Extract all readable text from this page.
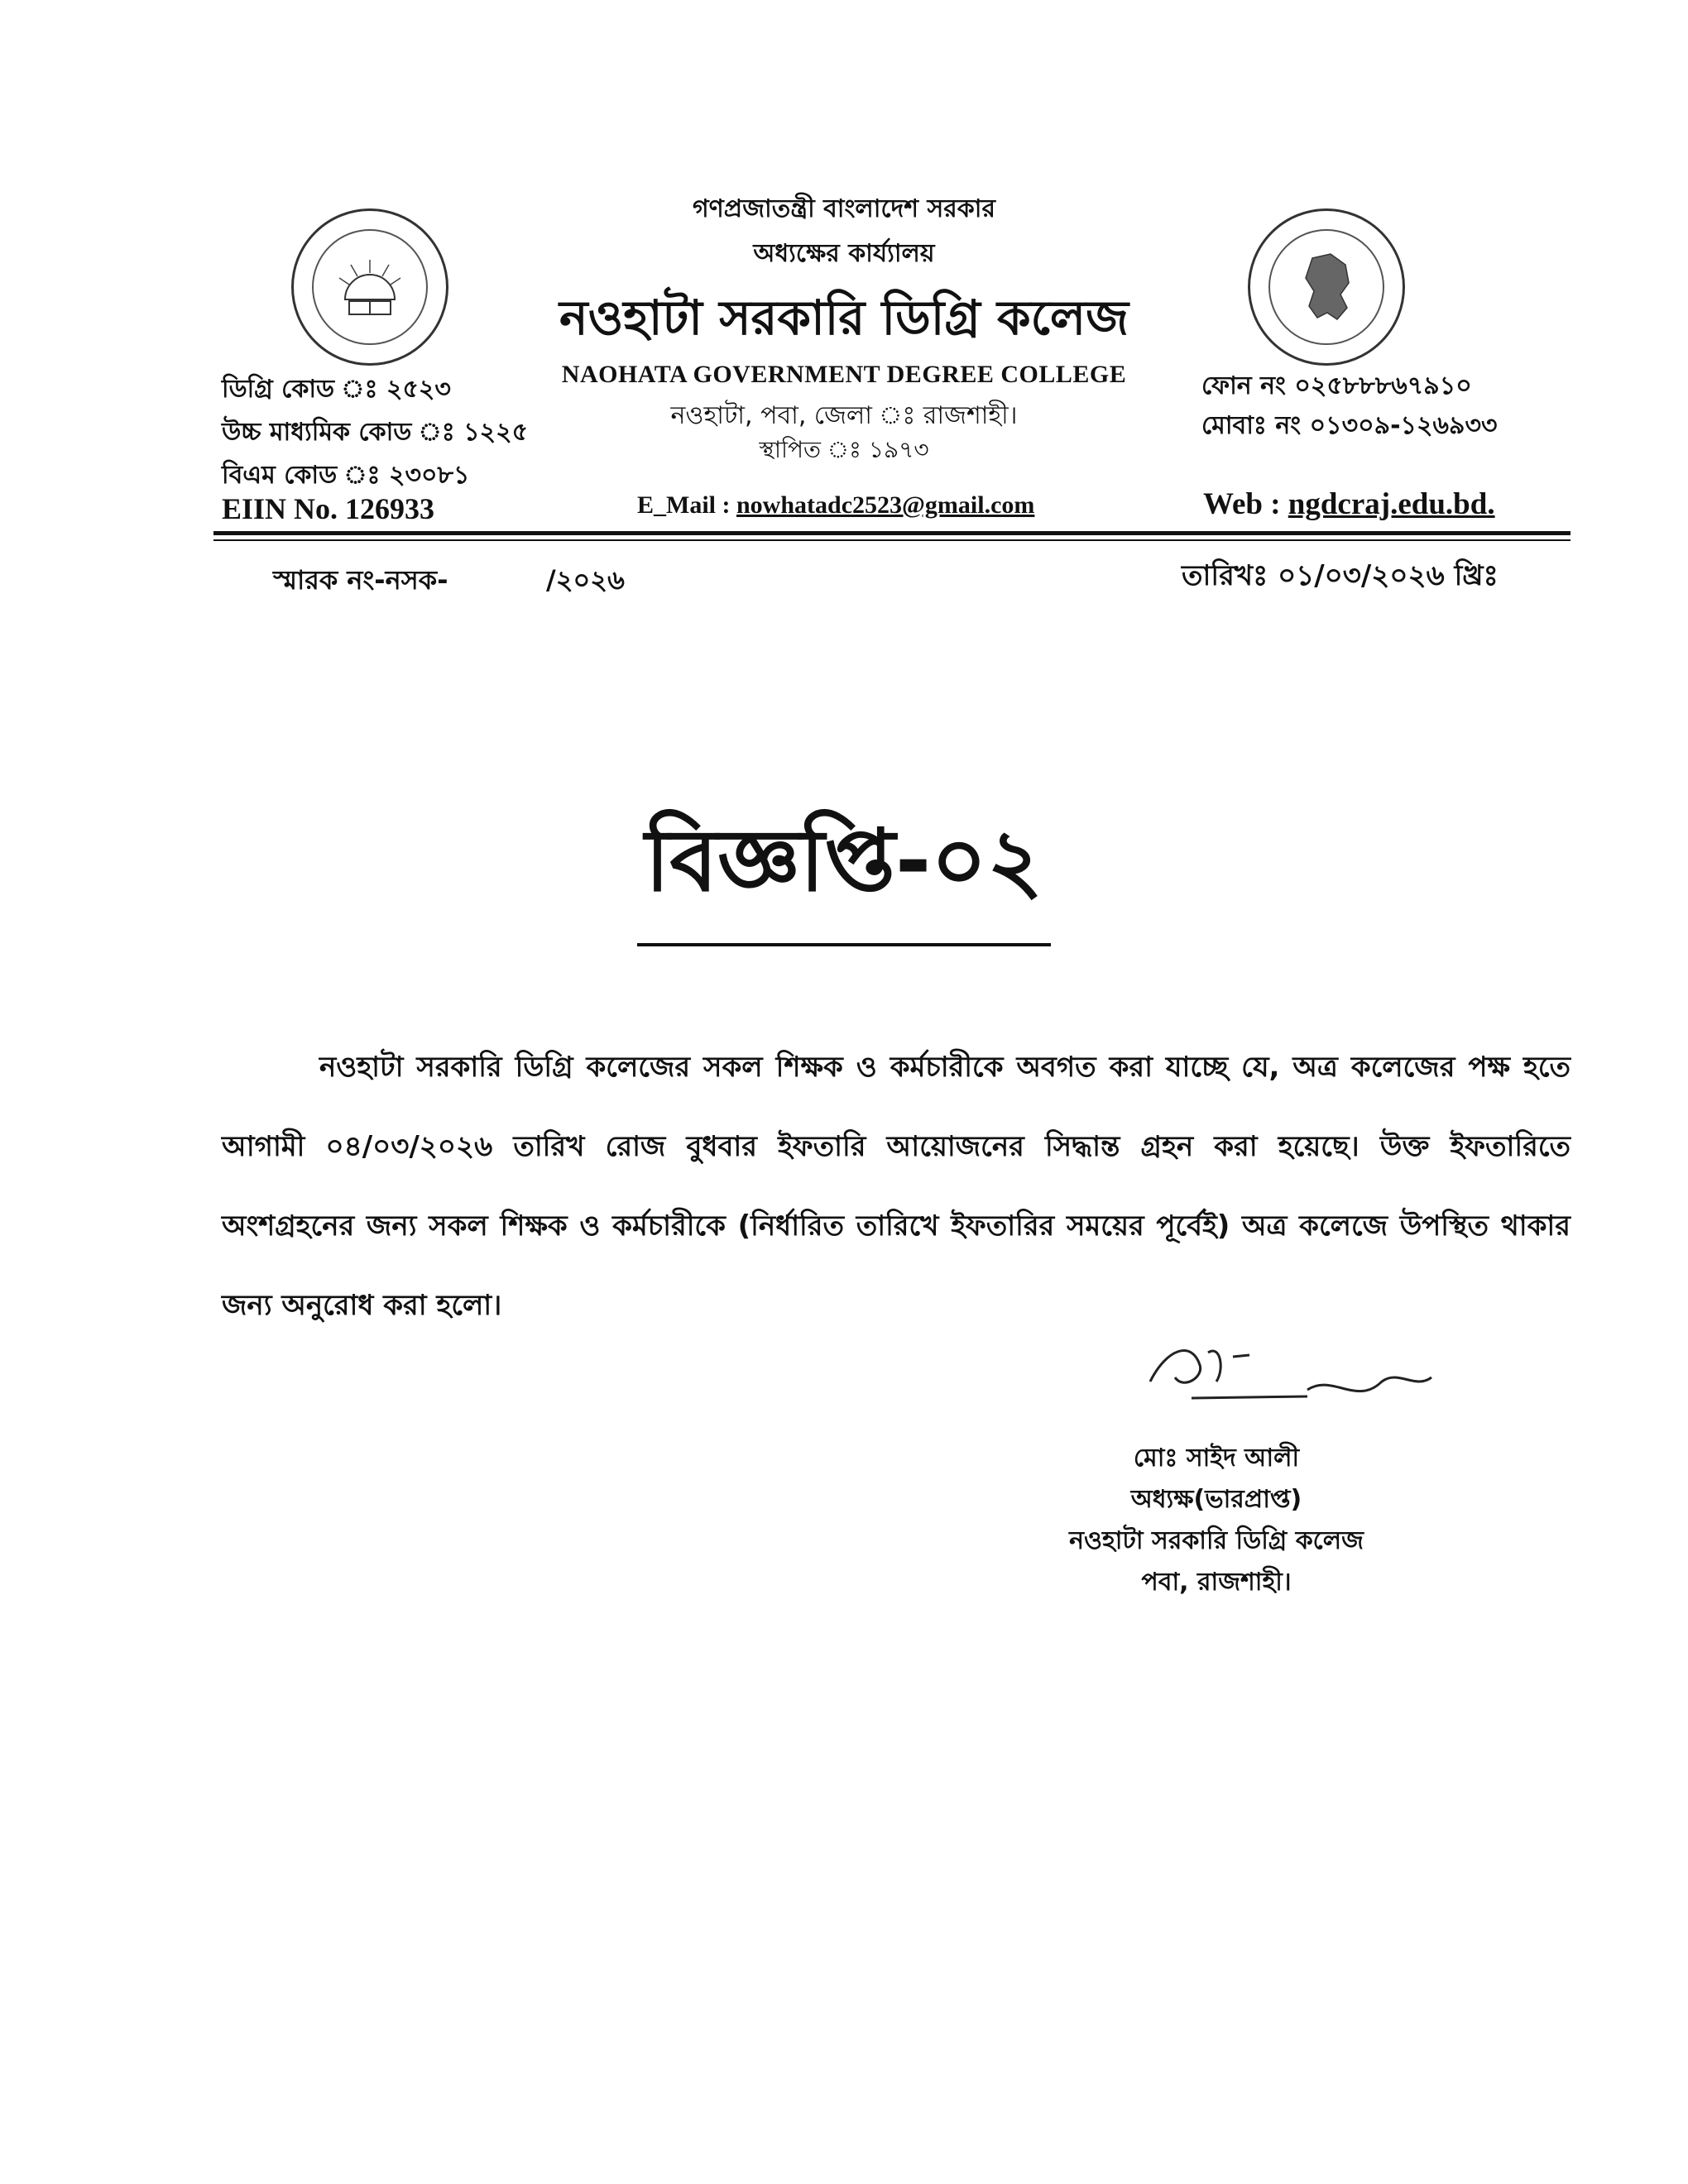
গণপ্রজাতন্ত্রী বাংলাদেশ সরকার
অধ্যক্ষের কার্য্যালয়
নওহাটা সরকারি ডিগ্রি কলেজ
NAOHATA GOVERNMENT DEGREE COLLEGE
নওহাটা, পবা, জেলা ঃ রাজশাহী।
স্থাপিত ঃ ১৯৭৩
ডিগ্রি কোড ঃ ২৫২৩
উচ্চ মাধ্যমিক কোড ঃ ১২২৫
বিএম কোড ঃ ২৩০৮১
EIIN No. 126933
ফোন নং ০২৫৮৮৮৬৭৯১০
মোবাঃ নং ০১৩০৯-১২৬৯৩৩
E_Mail : nowhatadc2523@gmail.com	Web : ngdcraj.edu.bd.
স্মারক নং-নসক-	/২০২৬	তারিখঃ ০১/০৩/২০২৬ খ্রিঃ
বিজ্ঞপ্তি-০২

নওহাটা সরকারি ডিগ্রি কলেজের সকল শিক্ষক ও কর্মচারীকে অবগত করা যাচ্ছে যে, অত্র কলেজের পক্ষ হতে আগামী ০৪/০৩/২০২৬ তারিখ রোজ বুধবার ইফতারি আয়োজনের সিদ্ধান্ত গ্রহন করা হয়েছে। উক্ত ইফতারিতে অংশগ্রহনের জন্য সকল শিক্ষক ও কর্মচারীকে (নির্ধারিত তারিখে ইফতারির সময়ের পূর্বেই) অত্র কলেজে উপস্থিত থাকার জন্য অনুরোধ করা হলো।

মোঃ সাইদ আলী
অধ্যক্ষ(ভারপ্রাপ্ত)
নওহাটা সরকারি ডিগ্রি কলেজ
পবা, রাজশাহী।
